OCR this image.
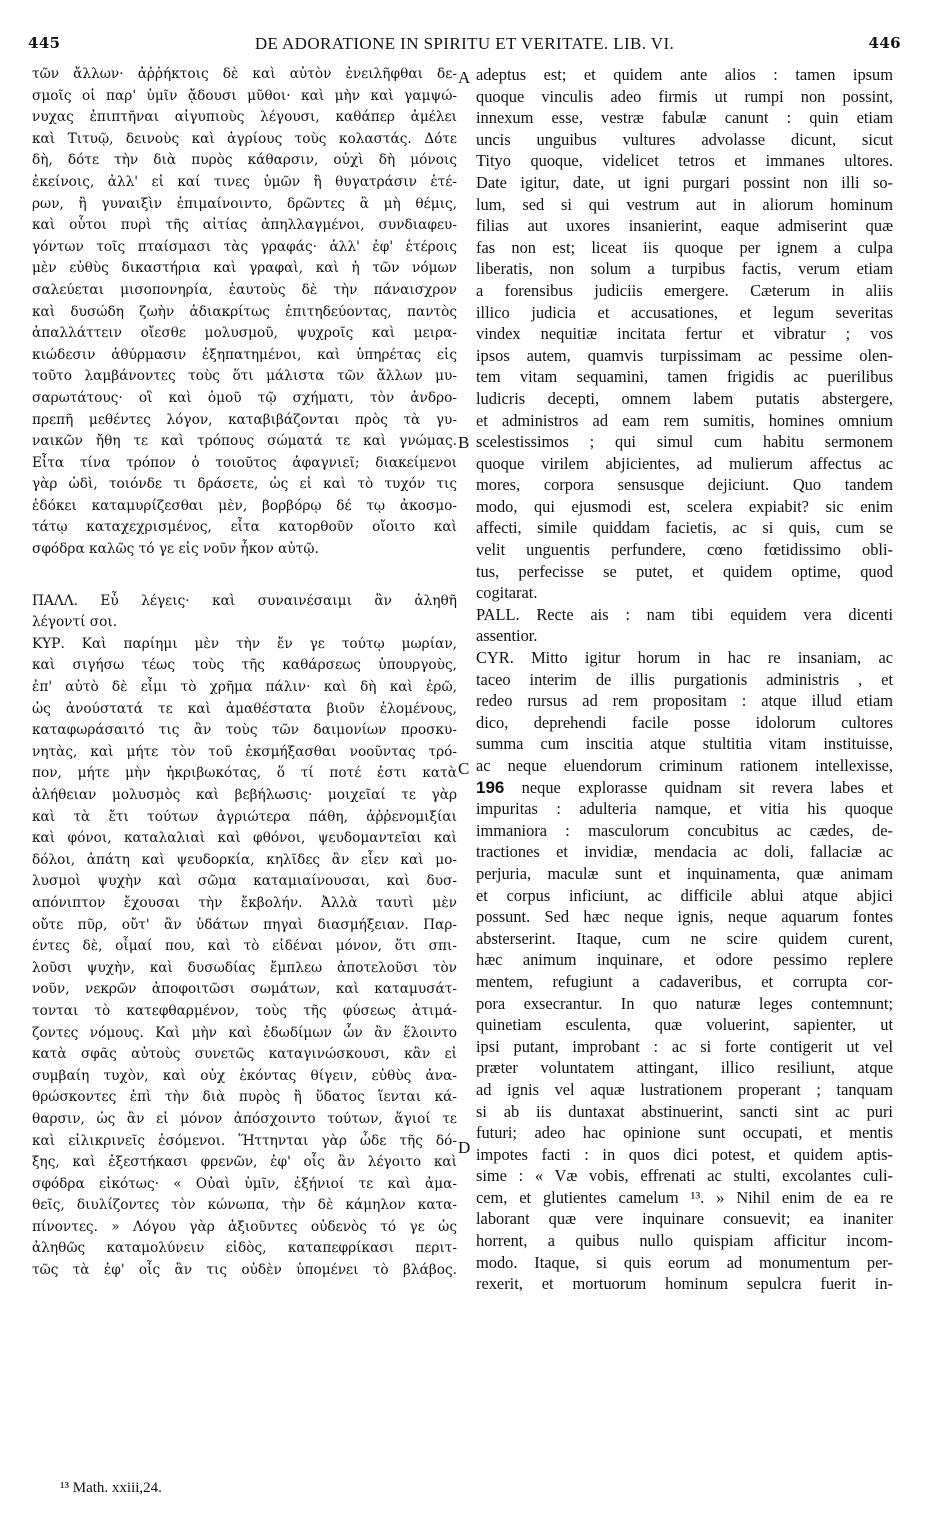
445	DE ADORATIONE IN SPIRITU ET VERITATE. LIB. VI.	446
τῶν ἄλλων· ἀῤῥήκτοις δὲ καὶ αὐτὸν ἐνειλῆφθαι δε-
σμοῖς οἱ παρ' ὑμῖν ᾄδουσι μῦθοι· καὶ μὴν καὶ γαμψώ-
νυχας ἐπιπτῆναι αἰγυπιοὺς λέγουσι, καθάπερ ἀμέλει
καὶ Τιτυῷ, δεινοὺς καὶ ἀγρίους τοὺς κολαστάς. Δότε
δὴ, δότε τὴν διὰ πυρὸς κάθαρσιν, οὐχὶ δὴ μόνοις
ἐκείνοις, ἀλλ' εἰ καί τινες ὑμῶν ἢ θυγατράσιν ἑτέ-
ρων, ἢ γυναιξὶν ἐπιμαίνοιντο, δρῶντες ἃ μὴ θέμις,
καὶ οὗτοι πυρὶ τῆς αἰτίας ἀπηλλαγμένοι, συνδιαφευ-
γόντων τοῖς πταίσμασι τὰς γραφάς· ἀλλ' ἐφ' ἑτέροις
μὲν εὐθὺς δικαστήρια καὶ γραφαὶ, καὶ ἡ τῶν νόμων
σαλεύεται μισοπονηρία, ἑαυτοὺς δὲ τὴν πάναισχρον
καὶ δυσώδη ζωὴν ἀδιακρίτως ἐπιτηδεύοντας, παντὸς
ἀπαλλάττειν οἴεσθε μολυσμοῦ, ψυχροῖς καὶ μειρα-
κιώδεσιν ἀθύρμασιν ἐξηπατημένοι, καὶ ὑπηρέτας εἰς
τοῦτο λαμβάνοντες τοὺς ὅτι μάλιστα τῶν ἄλλων μυ-
σαρωτάτους· οἳ καὶ ὁμοῦ τῷ σχήματι, τὸν ἀνδρο-
πρεπῆ μεθέντες λόγον, καταβιβάζονται πρὸς τὰ γυ-
ναικῶν ἤθη τε καὶ τρόπους σώματά τε καὶ γνώμας.
Εἶτα τίνα τρόπον ὁ τοιοῦτος ἁφαγνιεῖ; διακείμενοι
γὰρ ὡδὶ, τοιόνδε τι δράσετε, ὡς εἰ καὶ τὸ τυχόν τις
ἐδόκει καταμυρίζεσθαι μὲν, βορβόρῳ δέ τῳ ἀκοσμο-
τάτῳ καταχεχρισμένος, εἶτα κατορθοῦν οἴοιτο καὶ
σφόδρα καλῶς τό γε εἰς νοῦν ἧκον αὐτῷ.
ΠΑΛΛ. Εὖ λέγεις· καὶ συναινέσαιμι ἂν ἀληθῆ
λέγοντί σοι.
ΚΥΡ. Καὶ παρίημι μὲν τὴν ἔν γε τούτῳ μωρίαν,
καὶ σιγήσω τέως τοὺς τῆς καθάρσεως ὑπουργοὺς,
ἐπ' αὐτὸ δὲ εἶμι τὸ χρῆμα πάλιν· καὶ δὴ καὶ ἐρῶ,
ὡς ἀνούστατά τε καὶ ἀμαθέστατα βιοῦν ἑλομένους,
καταφωράσαιτό τις ἂν τοὺς τῶν δαιμονίων προσκυ-
νητὰς, καὶ μήτε τὸν τοῦ ἐκσμήξασθαι νοοῦντας τρό-
πον, μήτε μὴν ἠκριβωκότας, ὅ τί ποτέ ἐστι κατὰ
ἀλήθειαν μολυσμὸς καὶ βεβήλωσις· μοιχεῖαί τε γὰρ
καὶ τὰ ἔτι τούτων ἀγριώτερα πάθη, ἀῤῥενομιξίαι
καὶ φόνοι, καταλαλιαὶ καὶ φθόνοι, ψευδομαντεῖαι καὶ
δόλοι, ἀπάτη καὶ ψευδορκία, κηλῖδες ἂν εἶεν καὶ μο-
λυσμοὶ ψυχὴν καὶ σῶμα καταμιαίνουσαι, καὶ δυσ-
απόνιπτον ἔχουσαι τὴν ἔκβολήν. Ἀλλὰ ταυτὶ μὲν
οὔτε πῦρ, οὔτ' ἂν ὑδάτων πηγαὶ διασμήξειαν. Παρ-
έντες δὲ, οἶμαί που, καὶ τὸ εἰδέναι μόνον, ὅτι σπι-
λοῦσι ψυχὴν, καὶ δυσωδίας ἔμπλεω ἀποτελοῦσι τὸν
νοῦν, νεκρῶν ἀποφοιτῶσι σωμάτων, καὶ καταμυσάτ-
τονται τὸ κατεφθαρμένον, τοὺς τῆς φύσεως ἀτιμά-
ζοντες νόμους. Καὶ μὴν καὶ ἐδωδίμων ὧν ἂν ἕλοιντο
κατὰ σφᾶς αὐτοὺς συνετῶς καταγινώσκουσι, κἂν εἰ
συμβαίη τυχὸν, καὶ οὐχ ἑκόντας θίγειν, εὐθὺς ἀνα-
θρώσκοντες ἐπὶ τὴν διὰ πυρὸς ἢ ὕδατος ἵενται κά-
θαρσιν, ὡς ἂν εἰ μόνον ἀπόσχοιντο τούτων, ἅγιοί τε
καὶ εἰλικρινεῖς ἐσόμενοι. Ἥττηνται γὰρ ὧδε τῆς δό-
ξης, καὶ ἐξεστήκασι φρενῶν, ἐφ' οἷς ἂν λέγοιτο καὶ
σφόδρα εἰκότως· « Οὐαὶ ὑμῖν, ἐξήνιοί τε καὶ ἀμα-
θεῖς, διυλίζοντες τὸν κώνωπα, τὴν δὲ κάμηλον κατα-
πίνοντες. » Λόγου γὰρ ἀξιοῦντες οὐδενὸς τό γε ὡς
ἀληθῶς καταμολύνειν εἰδὸς, καταπεφρίκασι περιτ-
τῶς τὰ ἐφ' οἷς ἂν τις οὐδὲν ὑπομένει τὸ βλάβος.
adeptus est; et quidem ante alios : tamen ipsum
quoque vinculis adeo firmis ut rumpi non possint,
innexum esse, vestræ fabulæ canunt : quin etiam
uncis unguibus vultures advolasse dicunt, sicut
Tityo quoque, videlicet tetros et immanes ultores.
Date igitur, date, ut igni purgari possint non illi so-
lum, sed si qui vestrum aut in aliorum hominum
filias aut uxores insanierint, eaque admiserint quæ
fas non est; liceat iis quoque per ignem a culpa
liberatis, non solum a turpibus factis, verum etiam
a forensibus judiciis emergere. Cæterum in aliis
illico judicia et accusationes, et legum severitas
vindex nequitiæ incitata fertur et vibratur ; vos
ipsos autem, quamvis turpissimam ac pessime olen-
tem vitam sequamini, tamen frigidis ac puerilibus
ludicris decepti, omnem labem putatis abstergere,
et administros ad eam rem sumitis, homines omnium
scelestissimos ; qui simul cum habitu sermonem
quoque virilem abjicientes, ad mulierum affectus ac
mores, corpora sensusque dejiciunt. Quo tandem
modo, qui ejusmodi est, scelera expiabit? sic enim
affecti, simile quiddam facietis, ac si quis, cum se
velit unguentis perfundere, cœno fœtidissimo obli-
tus, perfecisse se putet, et quidem optime, quod
cogitarat.
PALL. Recte ais : nam tibi equidem vera dicenti
assentior.
CYR. Mitto igitur horum in hac re insaniam, ac
taceo interim de illis purgationis administris , et
redeo rursus ad rem propositam : atque illud etiam
dico, deprehendi facile posse idolorum cultores
summa cum inscitia atque stultitia vitam instituisse,
ac neque eluendorum criminum rationem intellexisse,
196 neque explorasse quidnam sit revera labes et
impuritas : adulteria namque, et vitia his quoque
immaniora : masculorum concubitus ac cædes, de-
tractiones et invidiæ, mendacia ac doli, fallaciæ ac
perjuria, maculæ sunt et inquinamenta, quæ animam
et corpus inficiunt, ac difficile ablui atque abjici
possunt. Sed hæc neque ignis, neque aquarum fontes
absterserint. Itaque, cum ne scire quidem curent,
hæc animum inquinare, et odore pessimo replere
mentem, refugiunt a cadaveribus, et corrupta cor-
pora exsecrantur. In quo naturæ leges contemnunt;
quinetiam esculenta, quæ voluerint, sapienter, ut
ipsi putant, improbant : ac si forte contigerit ut vel
præter voluntatem attingant, illico resiliunt, atque
ad ignis vel aquæ lustrationem properant ; tanquam
si ab iis duntaxat abstinuerint, sancti sint ac puri
futuri; adeo hac opinione sunt occupati, et mentis
impotes facti : in quos dici potest, et quidem aptis-
sime : « Væ vobis, effrenati ac stulti, excolantes culi-
cem, et glutientes camelum ¹³. » Nihil enim de ea re
laborant quæ vere inquinare consuevit; ea inaniter
horrent, a quibus nullo quispiam afficitur incom-
modo. Itaque, si quis eorum ad monumentum per-
rexerit, et mortuorum hominum sepulcra fuerit in-
A
B
C
D
¹³ Math. xxiii,24.
